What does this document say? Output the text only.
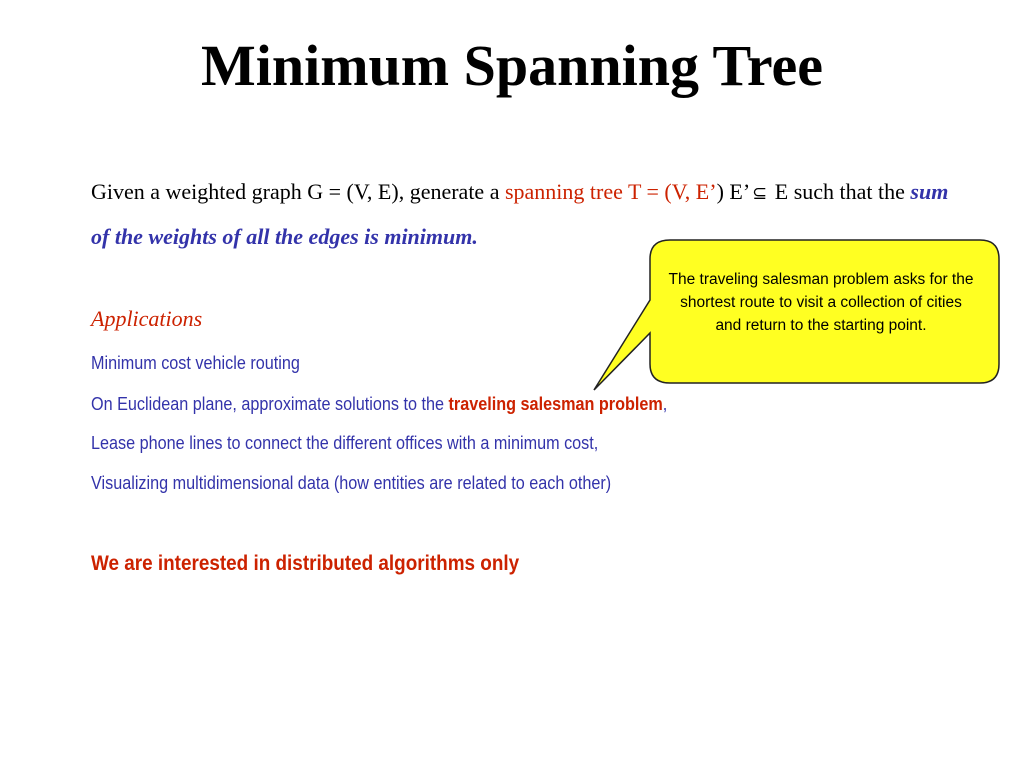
Minimum Spanning Tree
Given a weighted graph G = (V, E), generate a spanning tree T = (V, E’) E’ ⊆ E such that the sum of the weights of all the edges is minimum.
Applications
Minimum cost vehicle routing
On Euclidean plane, approximate solutions to the traveling salesman problem,
Lease phone lines to connect the different offices with a minimum cost,
Visualizing multidimensional data (how entities are related to each other)
We are interested in distributed algorithms only
The traveling salesman problem asks for the shortest route to visit a collection of cities and return to the starting point.
